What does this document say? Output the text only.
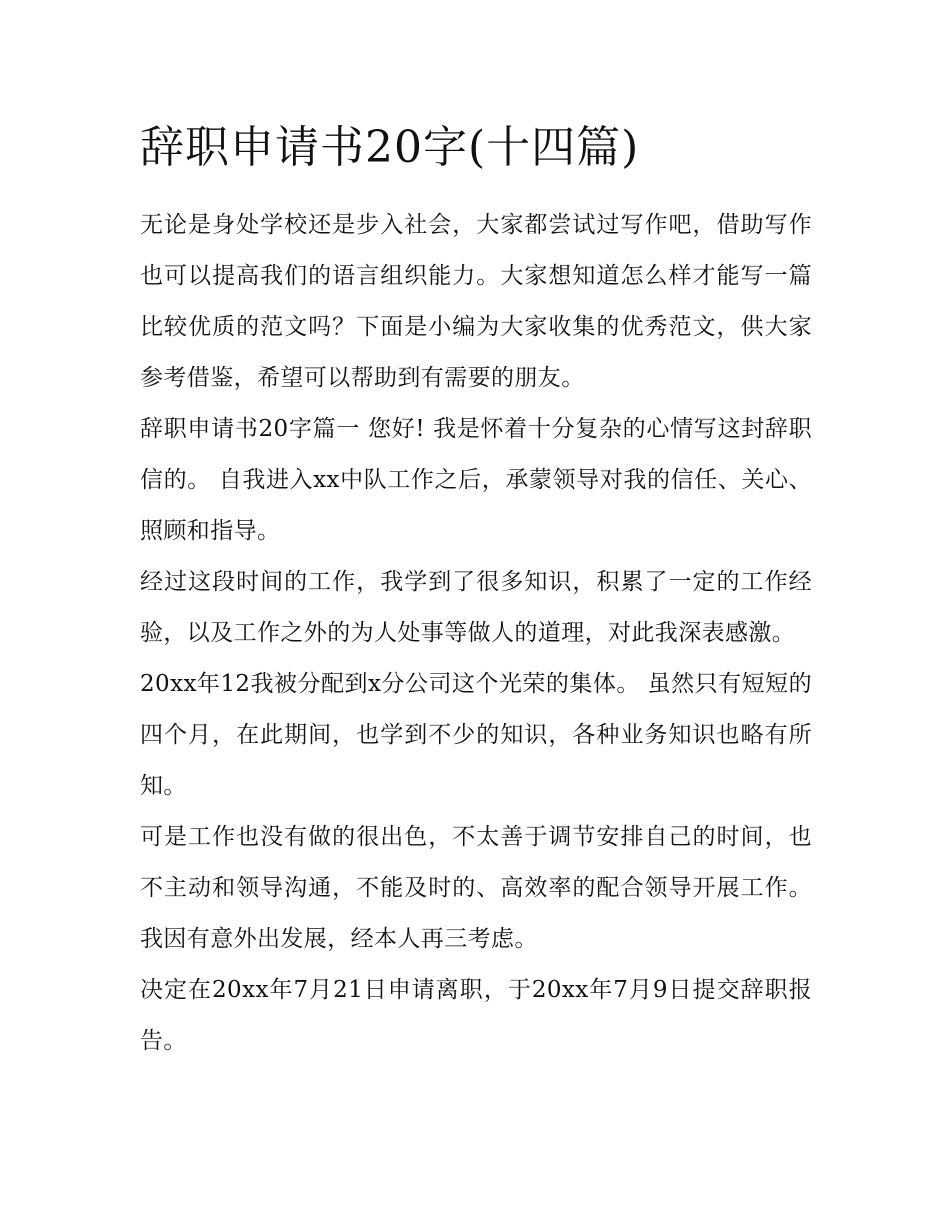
辞职申请书20字(十四篇)

无论是身处学校还是步入社会，大家都尝试过写作吧，借助写作也可以提高我们的语言组织能力。大家想知道怎么样才能写一篇比较优质的范文吗？下面是小编为大家收集的优秀范文，供大家参考借鉴，希望可以帮助到有需要的朋友。

辞职申请书20字篇一 您好! 我是怀着十分复杂的心情写这封辞职信的。 自我进入xx中队工作之后，承蒙领导对我的信任、关心、照顾和指导。

经过这段时间的工作，我学到了很多知识，积累了一定的工作经验，以及工作之外的为人处事等做人的道理，对此我深表感激。

20xx年12我被分配到x分公司这个光荣的集体。 虽然只有短短的四个月，在此期间，也学到不少的知识，各种业务知识也略有所知。

可是工作也没有做的很出色，不太善于调节安排自己的时间，也不主动和领导沟通，不能及时的、高效率的配合领导开展工作。 我因有意外出发展，经本人再三考虑。

决定在20xx年7月21日申请离职，于20xx年7月9日提交辞职报告。
